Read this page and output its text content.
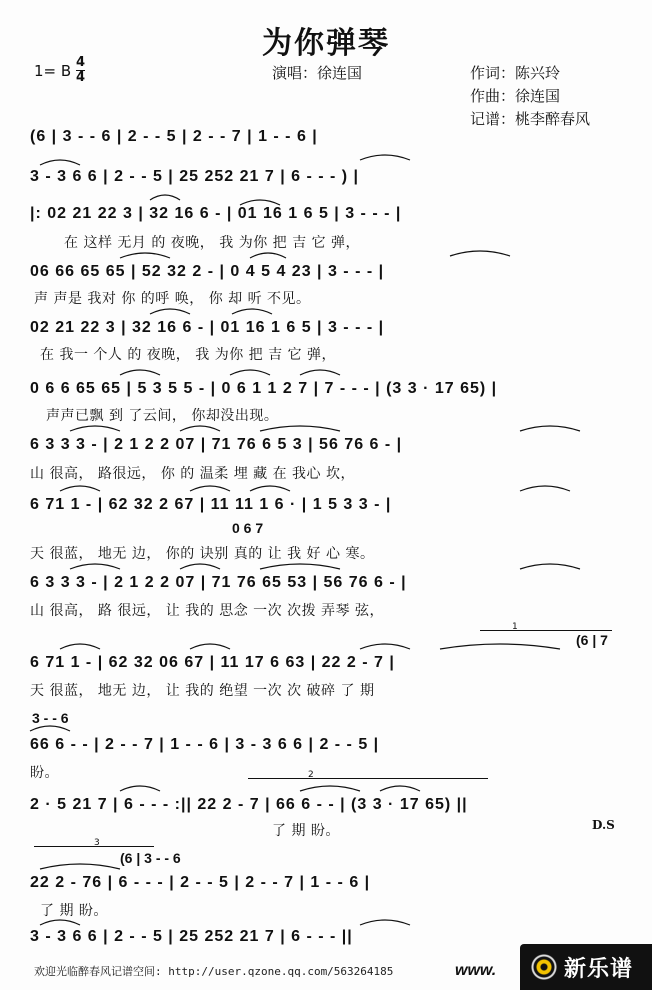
为你弹琴
1= B $\frac{4}{4}$	演唱：徐连国	作词：陈兴玲
作曲：徐连国
记谱：桃李醉春风
(6 | 3 - - 6 | 2 - - 5 | 2 - - 7 | 1 - - 6 |
3 - 3 6 6 | 2 - - 5 | 25 252 21 7 | 6 - - - ) |
|: 02 21 22 3 | 32 16 6 - | 01 16 1 6 5 | 3 - - - |
在 这样 无月 的 夜晚， 我 为你 把 吉 它 弹，
06 66 65 65 | 52 32 2 - | 0 4 5 4 23 | 3 - - - |
声 声是 我对 你 的呼 唤， 你 却 听 不见。
02 21 22 3 | 32 16 6 - | 01 16 1 6 5 | 3 - - - |
在 我一 个人 的 夜晚， 我 为你 把 吉 它 弹，
0 6 6 65 65 | 5 3 5 5 - | 0 6 1 1 2 7 | 7 - - - | (3 3 · 17 65) |
声声已飘 到 了云间， 你却没出现。
6 3 3 3 - | 2 1 2 2 07 | 71 76 6 5 3 | 56 76 6 - |
山 很高， 路很远， 你 的 温柔 埋 藏 在 我心 坎，
6 71 1 - | 62 32 2 67 | 11 11 1 6 · | 1 5 3 3 - |
0 6 7
天 很蓝， 地无 边， 你的 诀别 真的 让 我 好 心 寒。
6 3 3 3 - | 2 1 2 2 07 | 71 76 65 53 | 56 76 6 - |
山 很高， 路 很远， 让 我的 思念 一次 次拨 弄琴 弦，
(6 | 7
6 71 1 - | 62 32 06 67 | 11 17 6 63 | 22 2 - 7 |
天 很蓝， 地无 边， 让 我的 绝望 一次 次 破碎 了 期
3 - - 6
66 6 - - | 2 - - 7 | 1 - - 6 | 3 - 3 6 6 | 2 - - 5 |
盼。
2 · 5 21 7 | 6 - - - :|| 22 2 - 7 | 66 6 - - | (3 3 · 17 65) ||
了 期 盼。	D.S
(6 | 3 - - 6
22 2 - 76 | 6 - - - | 2 - - 5 | 2 - - 7 | 1 - - 6 |
了 期 盼。
3 - 3 6 6 | 2 - - 5 | 25 252 21 7 | 6 - - - ||
1
2
3
欢迎光临醉春风记谱空间: http://user.qzone.qq.com/563264185	www.	新乐谱
